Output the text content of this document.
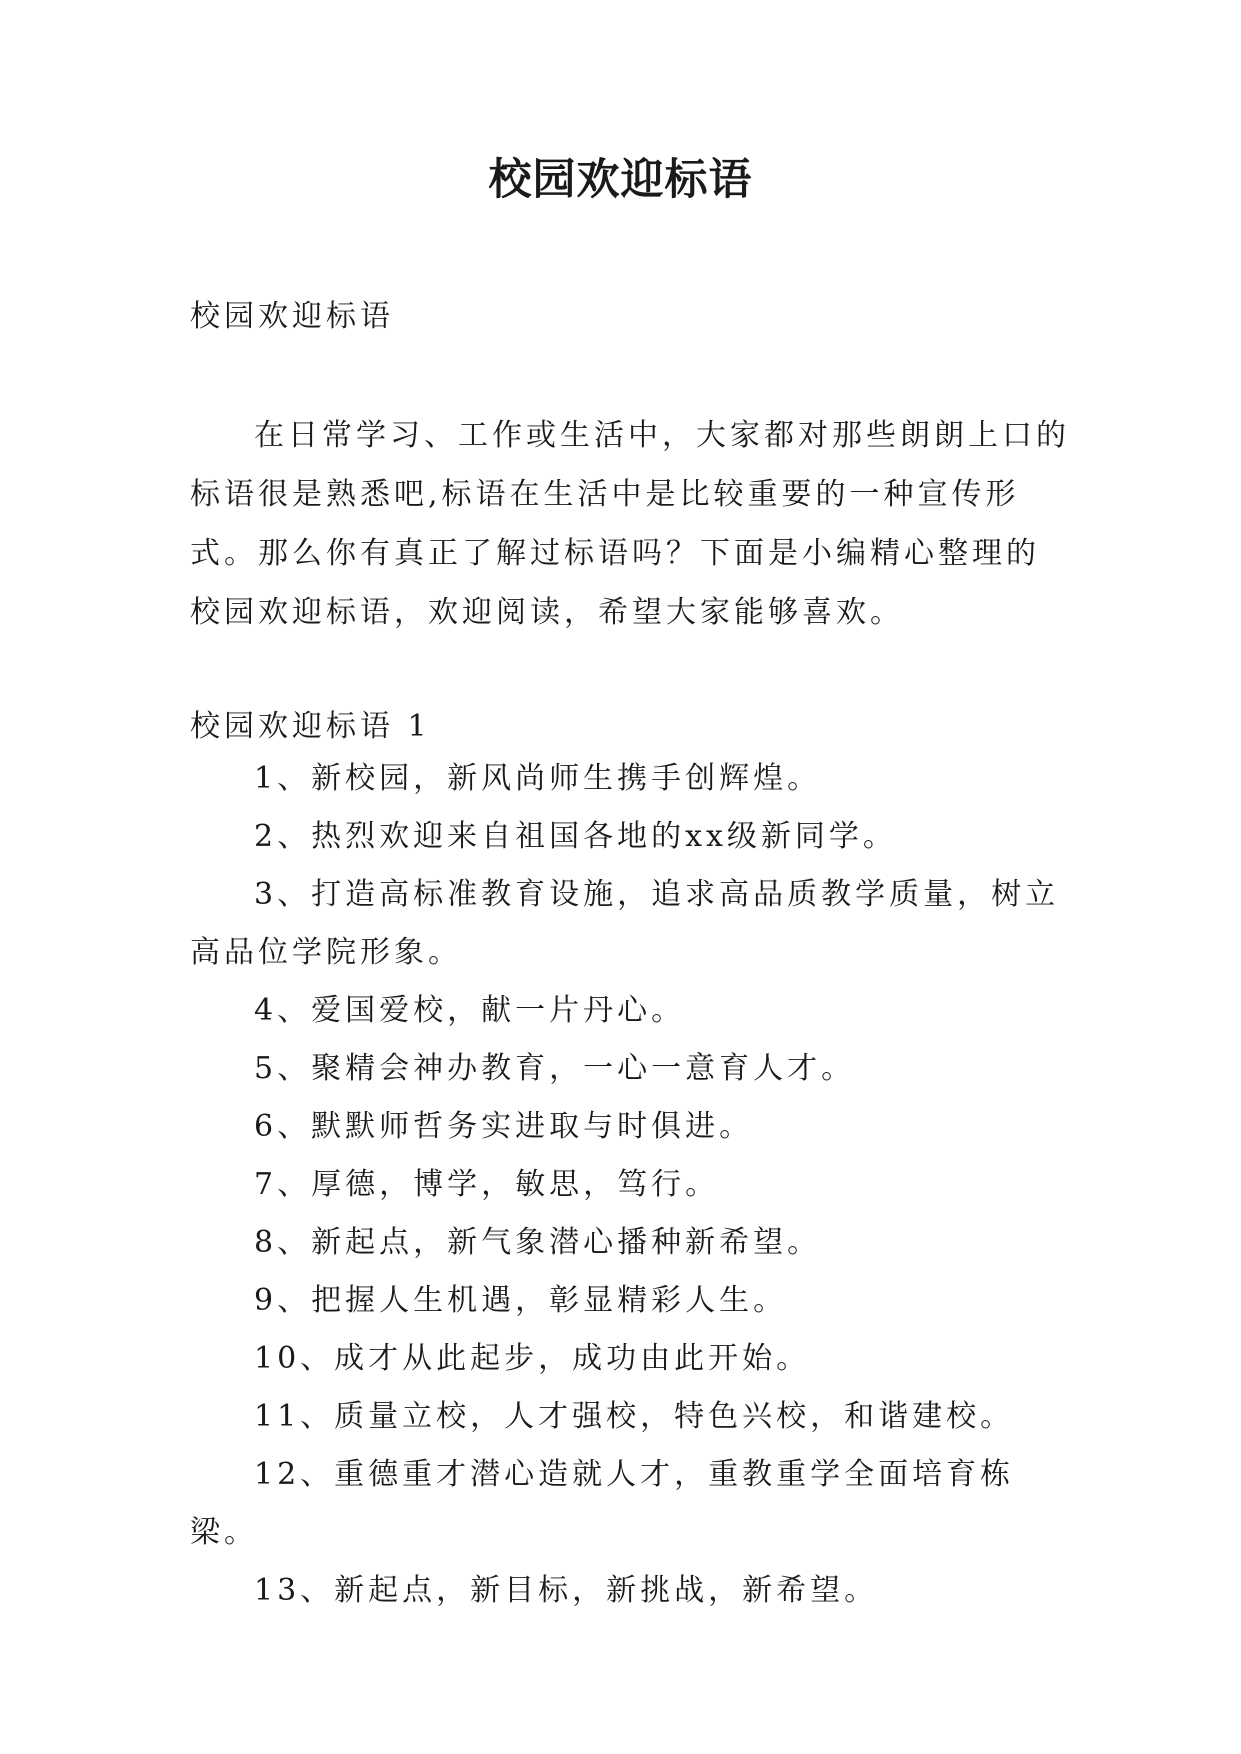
校园欢迎标语
校园欢迎标语
在日常学习、工作或生活中，大家都对那些朗朗上口的标语很是熟悉吧,标语在生活中是比较重要的一种宣传形式。那么你有真正了解过标语吗？下面是小编精心整理的校园欢迎标语，欢迎阅读，希望大家能够喜欢。
校园欢迎标语 1
1、新校园，新风尚师生携手创辉煌。
2、热烈欢迎来自祖国各地的xx级新同学。
3、打造高标准教育设施，追求高品质教学质量，树立高品位学院形象。
4、爱国爱校，献一片丹心。
5、聚精会神办教育，一心一意育人才。
6、默默师哲务实进取与时俱进。
7、厚德，博学，敏思，笃行。
8、新起点，新气象潜心播种新希望。
9、把握人生机遇，彰显精彩人生。
10、成才从此起步，成功由此开始。
11、质量立校，人才强校，特色兴校，和谐建校。
12、重德重才潜心造就人才，重教重学全面培育栋梁。
13、新起点，新目标，新挑战，新希望。
